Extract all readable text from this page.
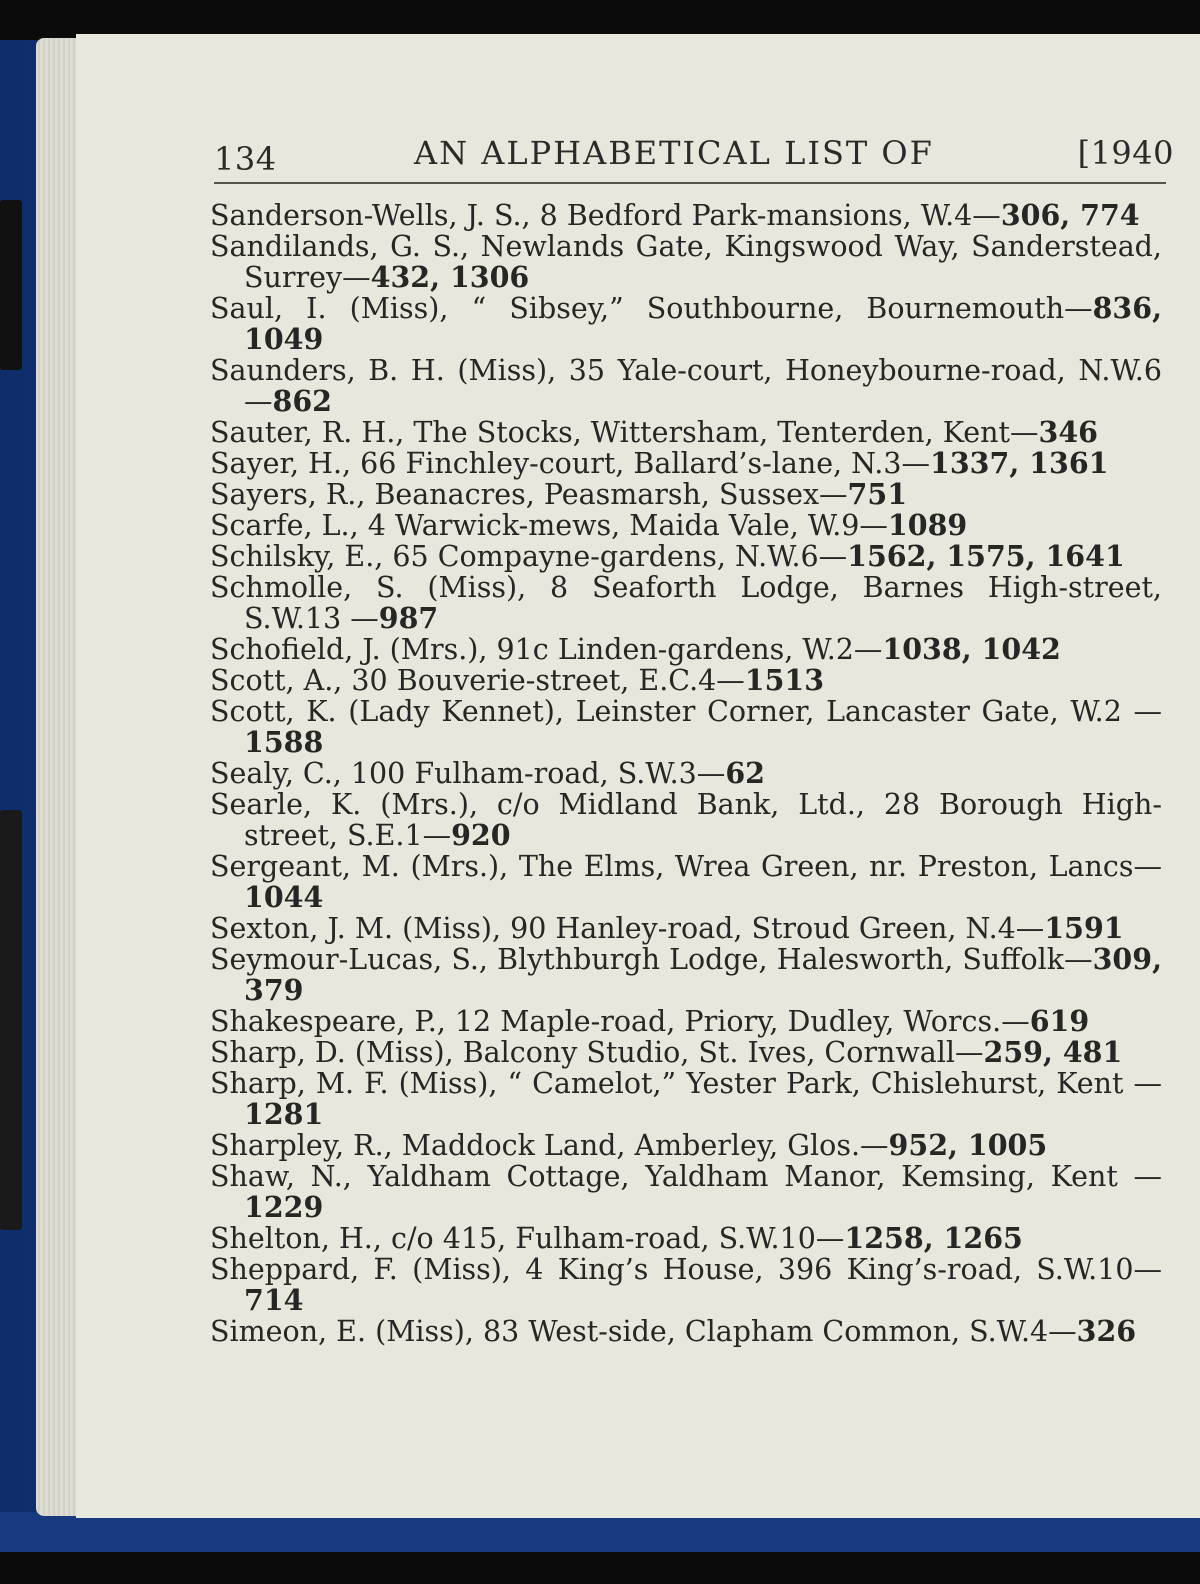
134	AN ALPHABETICAL LIST OF	[1940

Sanderson-Wells, J. S., 8 Bedford Park-mansions, W.4—306, 774

Sandilands, G. S., Newlands Gate, Kingswood Way, Sanderstead, Surrey—432, 1306

Saul, I. (Miss), “ Sibsey,” Southbourne, Bournemouth—836, 1049

Saunders, B. H. (Miss), 35 Yale-court, Honeybourne-road, N.W.6 —862

Sauter, R. H., The Stocks, Wittersham, Tenterden, Kent—346

Sayer, H., 66 Finchley-court, Ballard’s-lane, N.3—1337, 1361

Sayers, R., Beanacres, Peasmarsh, Sussex—751

Scarfe, L., 4 Warwick-mews, Maida Vale, W.9—1089

Schilsky, E., 65 Compayne-gardens, N.W.6—1562, 1575, 1641

Schmolle, S. (Miss), 8 Seaforth Lodge, Barnes High-street, S.W.13 —987

Schofield, J. (Mrs.), 91c Linden-gardens, W.2—1038, 1042

Scott, A., 30 Bouverie-street, E.C.4—1513

Scott, K. (Lady Kennet), Leinster Corner, Lancaster Gate, W.2 —1588

Sealy, C., 100 Fulham-road, S.W.3—62

Searle, K. (Mrs.), c/o Midland Bank, Ltd., 28 Borough High-street, S.E.1—920

Sergeant, M. (Mrs.), The Elms, Wrea Green, nr. Preston, Lancs—1044

Sexton, J. M. (Miss), 90 Hanley-road, Stroud Green, N.4—1591

Seymour-Lucas, S., Blythburgh Lodge, Halesworth, Suffolk—309, 379

Shakespeare, P., 12 Maple-road, Priory, Dudley, Worcs.—619

Sharp, D. (Miss), Balcony Studio, St. Ives, Cornwall—259, 481

Sharp, M. F. (Miss), “ Camelot,” Yester Park, Chislehurst, Kent —1281

Sharpley, R., Maddock Land, Amberley, Glos.—952, 1005

Shaw, N., Yaldham Cottage, Yaldham Manor, Kemsing, Kent —1229

Shelton, H., c/o 415, Fulham-road, S.W.10—1258, 1265

Sheppard, F. (Miss), 4 King’s House, 396 King’s-road, S.W.10—714

Simeon, E. (Miss), 83 West-side, Clapham Common, S.W.4—326
